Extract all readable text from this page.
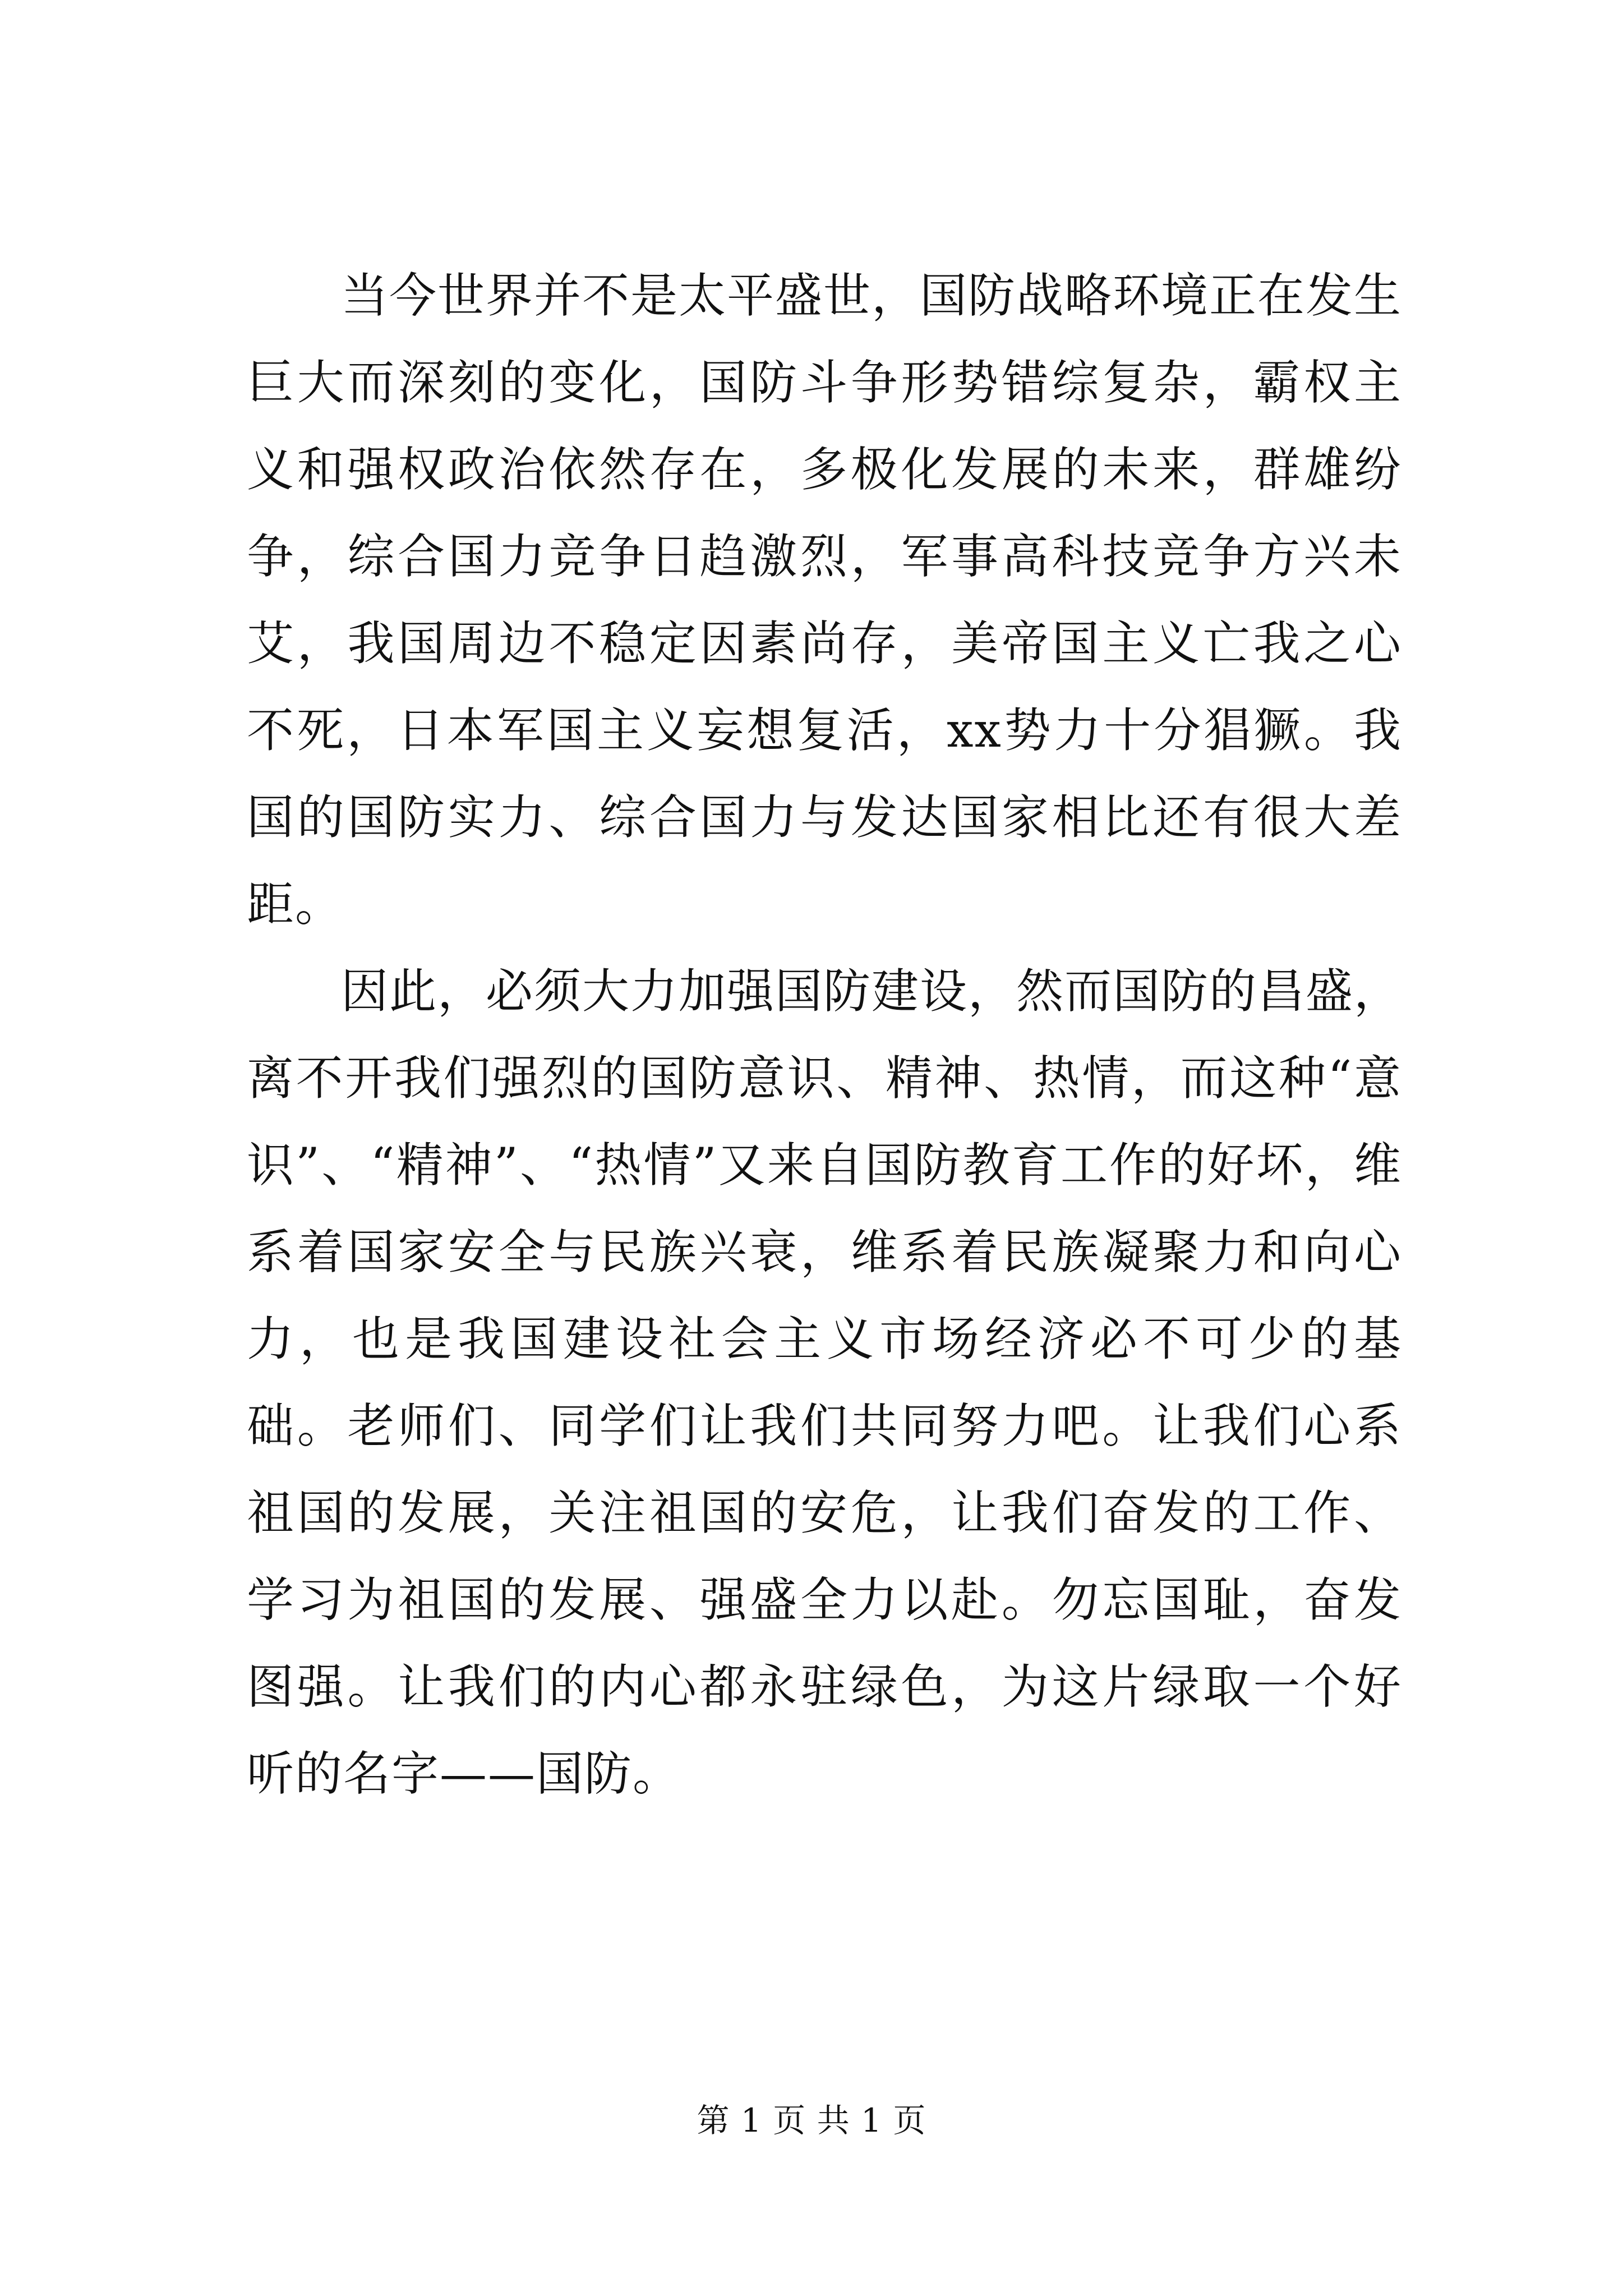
当今世界并不是太平盛世，国防战略环境正在发生巨大而深刻的变化，国防斗争形势错综复杂，霸权主义和强权政治依然存在，多极化发展的未来，群雄纷争，综合国力竞争日趋激烈，军事高科技竞争方兴未艾，我国周边不稳定因素尚存，美帝国主义亡我之心不死，日本军国主义妄想复活，xx势力十分猖獗。我国的国防实力、综合国力与发达国家相比还有很大差距。

因此，必须大力加强国防建设，然而国防的昌盛，离不开我们强烈的国防意识、精神、热情，而这种“意识”、“精神”、“热情”又来自国防教育工作的好坏，维系着国家安全与民族兴衰，维系着民族凝聚力和向心力，也是我国建设社会主义市场经济必不可少的基础。老师们、同学们让我们共同努力吧。让我们心系祖国的发展，关注祖国的安危，让我们奋发的工作、学习为祖国的发展、强盛全力以赴。勿忘国耻，奋发图强。让我们的内心都永驻绿色，为这片绿取一个好听的名字——国防。

第 1 页 共 1 页
